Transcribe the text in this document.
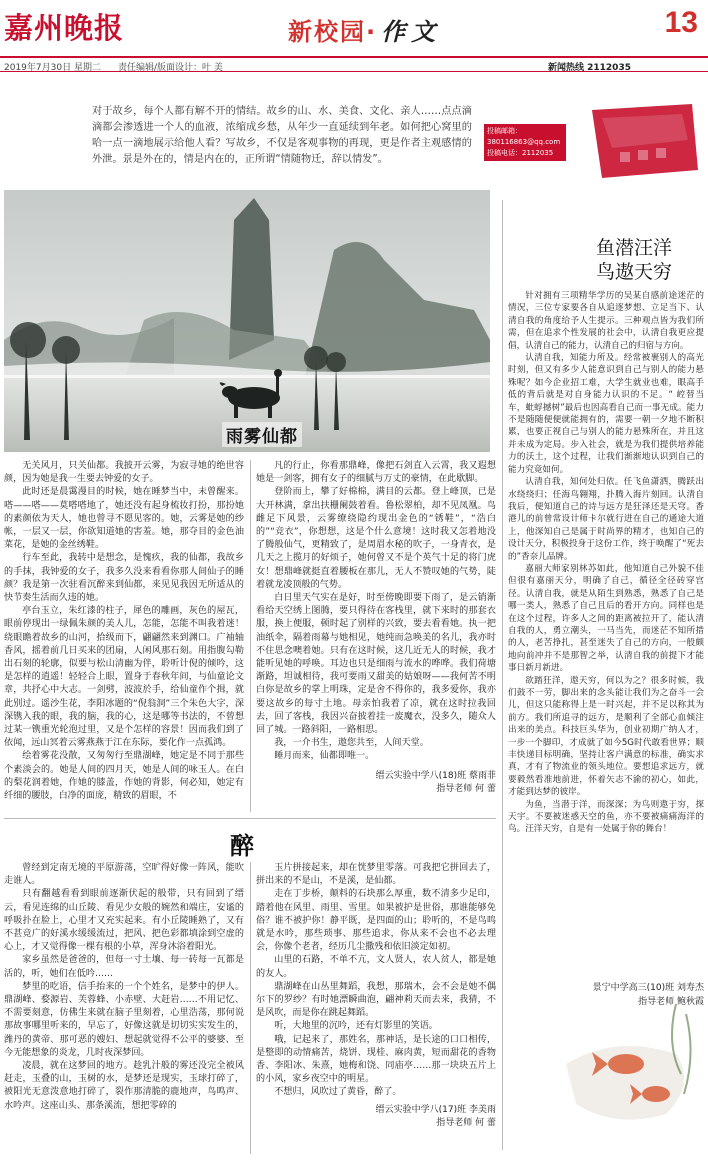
嘉州晚报	新校园· 作文	13
2019年7月30日 星期二 责任编辑/版面设计：叶 美	新闻热线 2112035
对于故乡，每个人都有解不开的情结。故乡的山、水、美食、文化、亲人……点点滴滴都会渗透进一个人的血液，浓缩成乡愁，从年少一直延续到年老。如何把心窝里的哈一点一滴地展示给他人看？写故乡，不仅是客观事物的再现，更是作者主观感情的外泄。景是外在的，情是内在的，正所谓“情随物迁，辞以情发”。
投稿邮箱：380116863@qq.com
投稿电话：2112035
雨雾仙都

无关风月，只关仙都。我披开云雾，为寂寻她的绝世容颜，因为她是我一生要去钟爱的女子。

此时还是晨霭漫目的时候，她在睡梦当中，未曾醒来。嗒——嗒——莫嗒嗒地了，她还没有起身梳妆打扮，那扮她的素颜依为天人，她也曾寻不愿见客的。她，云雾是她的纱帐，一层又一层，你欲知道她的害羞。她，那夺目的金色油菜花，是她的金丝绣鞋。

行车至此，我转中是想念，是愧疚，我的仙都，我故乡的手抹，我钟爱的女子，我多久没来看看你那人间仙子的睡颜？我是第一次驻看沉醉来到仙都，来见见我因无所适从的快节奏生活而久违的她。

亭台玉立，朱红漆的柱子，犀色的雕画，灰色的屋瓦，眼前停现出一绿佩朱颜的美人儿，怎能，怎能不叫我着迷！绕眼瞻着故乡的山河，拾级而下，翩翩然来到渊口。广袖轴香风，摇着前几日买来的团扇，人闲风那石刻。用指腹勾勒出石刻的轮廓，似要与松山清幽为伴，聆听计倪的倾吟，这是怎样的逍遥！轻轻合上眼，置身于春秋年间，与仙童论文章，共抒心中大志。一剑劈，波波於手，给仙童作个揖，就此别过。遥沙生花，李阳冰题的“倪翁洞”三个朱色大字，深深镌入我的眼，我的脑，我的心，这是哪等书法的，不曾想过某一镌重光轮泡过里，又是个怎样的容景！因而我们到了依闻，远山冥着云雾燕燕于江在东际，要化作一点孤鸿。

绘着雾花没散，又匆匆行至鼎湖峰，她定是不同于那些个素淡会的。她是人间的四月天，她是人间的咏玉人。在白的梨花润着她，作她的膝盖，作她的背影，何必知，她定有纤细的腰肢，白净的面庞，精致的眉眼，不

凡的行止，你看那鼎峰，像把石剑直入云霄，我又遐想她是一剑客，拥有女子的细腻与万丈的豪情，在此歇脚。

登阶而上，攀了好棉棉，满目的云都。登上峰顶，已是大开林满，拿出扶栅阑鼓着看。鲁松翠柏，却不见凤凰。鸟雌足下风景，云雾缭绕隐约现出金色的“锈鞋”，“浩白的”“竞衣”，你想想，这是个什么意境！这时我又怎着地没了腾般仙气，更精致了，是周眉水秘的吹子，一身青衣，是几天之上揽月的好烦子，她何曾又不是个英气十足的将门虎女！想鼎峰就挺直着腰板在那儿，无人不赞叹她的气势，陡着就龙凌顶般的气势。

白日里天气实在是好，时至傍晚即要下雨了，是云销渐看给天空绣上图腾，要只得待在客栈里，就下来时的那套衣服，换上便服，顿时起了别样的兴致，要去看看她。执一把油纸伞，隔着雨幕与她相见，她纯而急唤美的名儿，我亦时不住思念噢着她。只有在这时候，这几近无人的时候，我才能听见她的呼唤。耳边也只是细雨与流水的哗哗。我们荷塘渐路，坦诚相待，我可要雨又甜美的姑娘呀——我何苦不明白你是故乡的掌上明珠，定是舍不得你的，我多爱你，我亦要这故乡的每寸土地。母亲怕我着了凉，就在这时拉我回去，回了客栈，我因兴奋披着挂一废魔衣，没多久，随众人回了城。一路斜阳，一路相思。

我，一介书生，遨您共至，人间天堂。

睡月而来，仙都即唯一。

缙云实验中学八(18)班 蔡雨菲
指导老师 何 蕾
醉

曾经到定南无境的平原游荡，空旷得好像一阵风，能吹走谁人。

只有翻越看看到眼前逐渐伏起的般带，只有回到了缙云，看见连绵的山丘陵、看见少女般的婉然和端庄，安谧的呼吸扑在脸上，心里才又充实起来。有小丘陵睡熟了，又有不甚竞广的好溪水缓缓流过，把风、把色彩都填涂到空虚的心上，才又觉得像一棵有根的小草，浑身沐浴着阳光。

家乡虽然是爸爸的，但每一寸土壤、每一砖每一瓦都是活的，听，她们在低吟……

梦里的吃语，信手抬来的一个个姓名，是梦中的伊人。鼎湖峰、婺源岩、芙蓉蜂、小赤壁、大赶岩……不用记忆、不需要刻意，仿佛生来就在脑子里刻着，心里浩荡，那何说那故事哪里听来的，早忘了，好像这就是切切实实发生的，潍丹的黄帝、那可恶的嫂妇、想起就觉得不公平的婆婆、至今无能想象的炎龙，几时夜深梦回。

凌晨，就在这梦回的地方。趁乳汁般的雾还没完全被风赶走，玉叠的山，玉树的水，是梦还是现实，玉球打碎了，被阳光无意泼意地打碎了，裂作那清脆的鹿地声，鸟鸣声、水吟声。这座山头、那条溪流，想把零碎的

玉片拼接起来，却在恍梦里零落。可我把它拼回去了，拼出来的不是山，不是溪，是仙都。

走在丁步桥，颠料的石块那么厚重，数不清多少足印，踏着他在风里、雨里、雪里。如果被护是世俗，那谁能够免俗？谁不被护你！静平既，是四面的山；聆听的，不是鸟鸣就是水吟，那些琐事、那些追求，你从来不会也不必去理会，你像个老者，经历几尘撒残和依旧淡定如初。

山里的石路，不单不亢，文人贤人，农人贫人，都是她的友人。

鼎湖峰在山丛里舞蹈，我想，那瑞木，会不会是她不偶尔下的罗纱？有时她漂瞬曲泡，翩神莉天而去来，我猜，不是风吹，而是你在跳起舞蹈。

听，大地里的沉吟，还有灯影里的笑语。

哦，记起来了，那姓名，那神话，是长途的口口相传，是整即的动情痛苦，烧饼、现桂、麻肉黄，短而甜花的香物香、李阳冰、朱熹，她梅和饶、同庙亭……那一块块五片上的小风，家乡夜空中的明星。

不想归，风吹过了黄昏，醉了。

缙云实验中学八(17)班 李美雨
指导老师 何 蕾
鱼潜汪洋
鸟遨天穷

针对拥有三项精华学历的吴某自感前途迷茫的情况，三位专家要各自从追逐梦想、立足当下、认清自我的角度给予人生提示。三种观点皆为我们所需，但在追求个性发展的社会中，认清自我更应提倡，认清自己的能力，认清自己的归宿与方向。

认清自我，知能力所及。经常被裹别人的高光时刻，但又有多少人能意识到自己与别人的能力悬殊呢？如今企业招工难，大学生就业也难，眼高手低的背后就是对自身能力认识的不足。“ 崆替当车，蚍蜉撼树”最后也因高看自己而一事无成。能力不是随随便便就能拥有的，需要一朝一夕地不断积累，也要正视自己与别人的能力悬殊所在，并且这并未成为定局。步入社会，就是为我们提供培养能力的沃土，这个过程，让我们渐渐地认识到自己的能力究竟如何。

认清自我，知何处归依。任飞鱼潇洒，腾跃出水绕绕归；任海鸟翱翔，扑腾入海片刻回。认清自我后，便知道自己的诗与远方是狂泽还是天穹。香港儿的前曾常设计师卡尔就行进在自己的通途大道上，他深知自己是属于时尚界的精才，也知自己的设计天分，积极投身于这份工作，终于唤醒了“死去的”香奈儿品牌。

嘉丽大师家别林苏如此，他知道自己外貌不佳但很有嘉丽天分，明确了自己，循径全径砖穿宫径。认清自我，就是从陌生到熟悉，熟悉了自己是哪一类人，熟悉了自己且后的看开方向。同样也是在这个过程，许多人之间的距离被拉开了，能认清自我的人，勇立潮头，一马当先，而迷茫不知所措的人，老苦挣扎，甚至迷失了自己的方向，一般颇地向前冲并不是那智之举，认清自我的前提下才能事日新月新进。

欲踏狂洋，遨天穷，何以为之？很多时候，我们鼓不一劳，脚出来的念头能让我们为之奋斗一会儿，但这只能称得上是一时兴起，并不足以称其为前方。我们所追寻的远方，是顺利了全部心血倾注出来的美点。科技巨头华为，创业初期广纳人才，一步一个脚印，才成就了如今5G时代敢看世界；顺丰快递目标明确，坚持让客户满意的标准，确实求真，才有了物流业的领头地位。要想追求远方，就要毅然看准地前进，怀着矢志不渝的初心，如此，才能到达梦的彼岸。

为鱼，当潜于洋，而深深；为鸟则遨于穷，探天宇。不要被迷惑天空的鱼，亦不要被痛痛海洋的鸟。汪洋天穷，自是有一处属于你的舞台！

景宁中学高三(10)班 刘寿杰
指导老师 鲍秋霞
